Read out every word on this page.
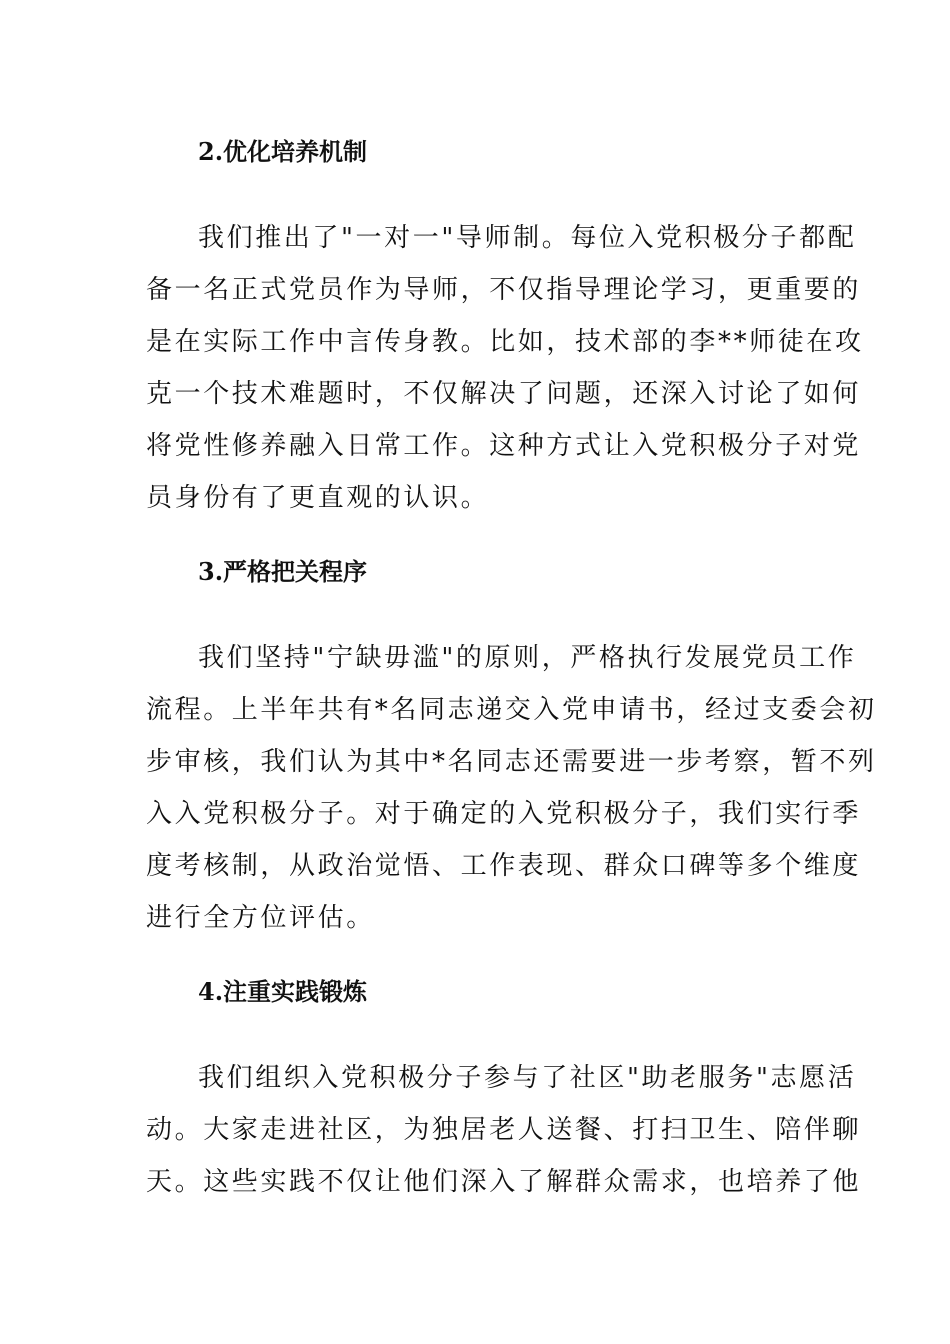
2.优化培养机制
我们推出了"一对一"导师制。每位入党积极分子都配
备一名正式党员作为导师，不仅指导理论学习，更重要的
是在实际工作中言传身教。比如，技术部的李**师徒在攻
克一个技术难题时，不仅解决了问题，还深入讨论了如何
将党性修养融入日常工作。这种方式让入党积极分子对党
员身份有了更直观的认识。
3.严格把关程序
我们坚持"宁缺毋滥"的原则，严格执行发展党员工作
流程。上半年共有*名同志递交入党申请书，经过支委会初
步审核，我们认为其中*名同志还需要进一步考察，暂不列
入入党积极分子。对于确定的入党积极分子，我们实行季
度考核制，从政治觉悟、工作表现、群众口碑等多个维度
进行全方位评估。
4.注重实践锻炼
我们组织入党积极分子参与了社区"助老服务"志愿活
动。大家走进社区，为独居老人送餐、打扫卫生、陪伴聊
天。这些实践不仅让他们深入了解群众需求，也培养了他
